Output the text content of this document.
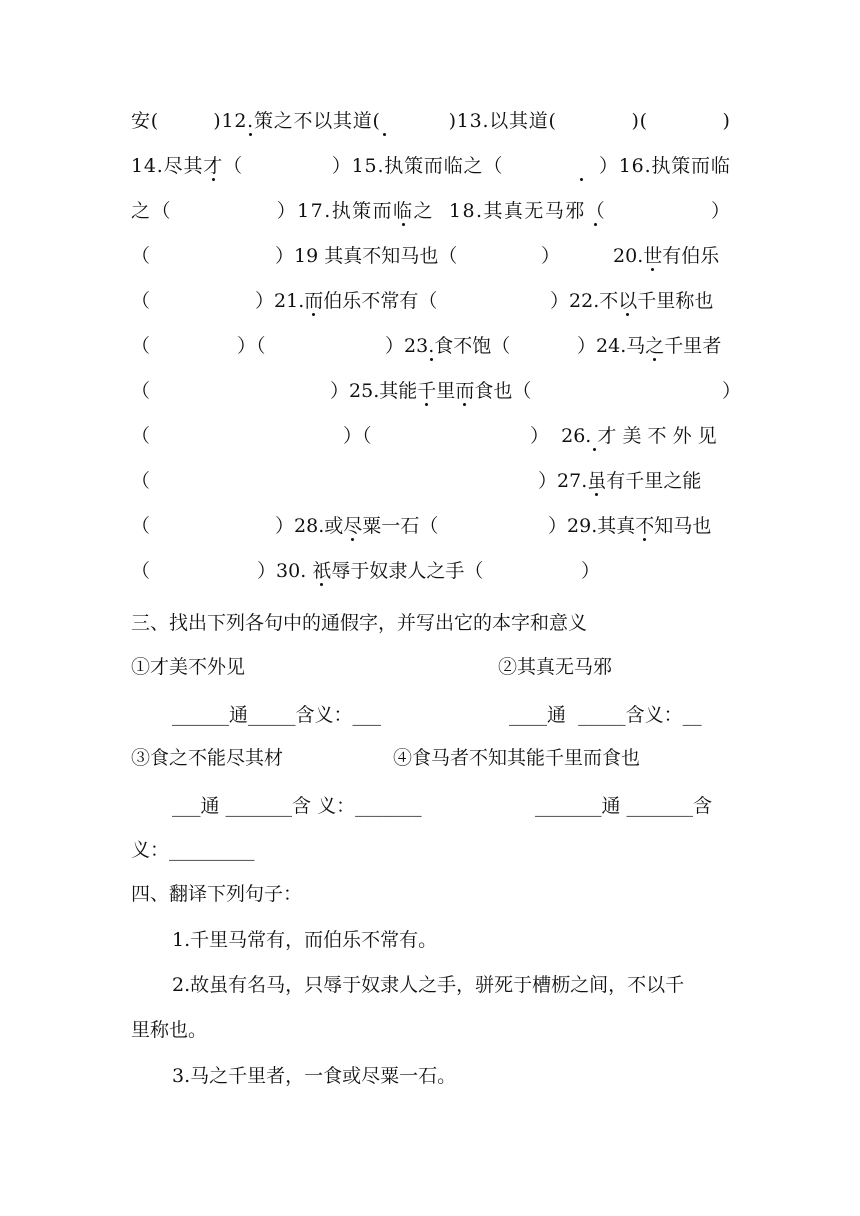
安(	)12.策之不以其道(	)13.以其道(	)(	)
14.尽其才（	）15.执策而临之（	）16.执策而临
之（	）17.执策而临之 18.其真无马邪（	）
（	）19 其真不知马也（	）	20.世有伯乐
（	）21.而伯乐不常有（	）22.不以千里称也
（	）（	）23.食不饱（	）24.马之千里者
（	）25.其能千里而食也（	）
（	）（	） 26. 才 美 不 外 见
（	）27.虽有千里之能
（	）28.或尽粟一石（	）29.其真不知马也
（	）30. 祇辱于奴隶人之手（	）
三、找出下列各句中的通假字，并写出它的本字和意义
①才美不外见	②其真无马邪
______通_____含义：___	____通  _____含义：__
③食之不能尽其材	④食马者不知其能千里而食也
___通 _______含 义：_______	_______通 _______含
义：_________
四、翻译下列句子：
1.千里马常有，而伯乐不常有。
2.故虽有名马，只辱于奴隶人之手，骈死于槽枥之间，不以千
里称也。
3.马之千里者，一食或尽粟一石。
